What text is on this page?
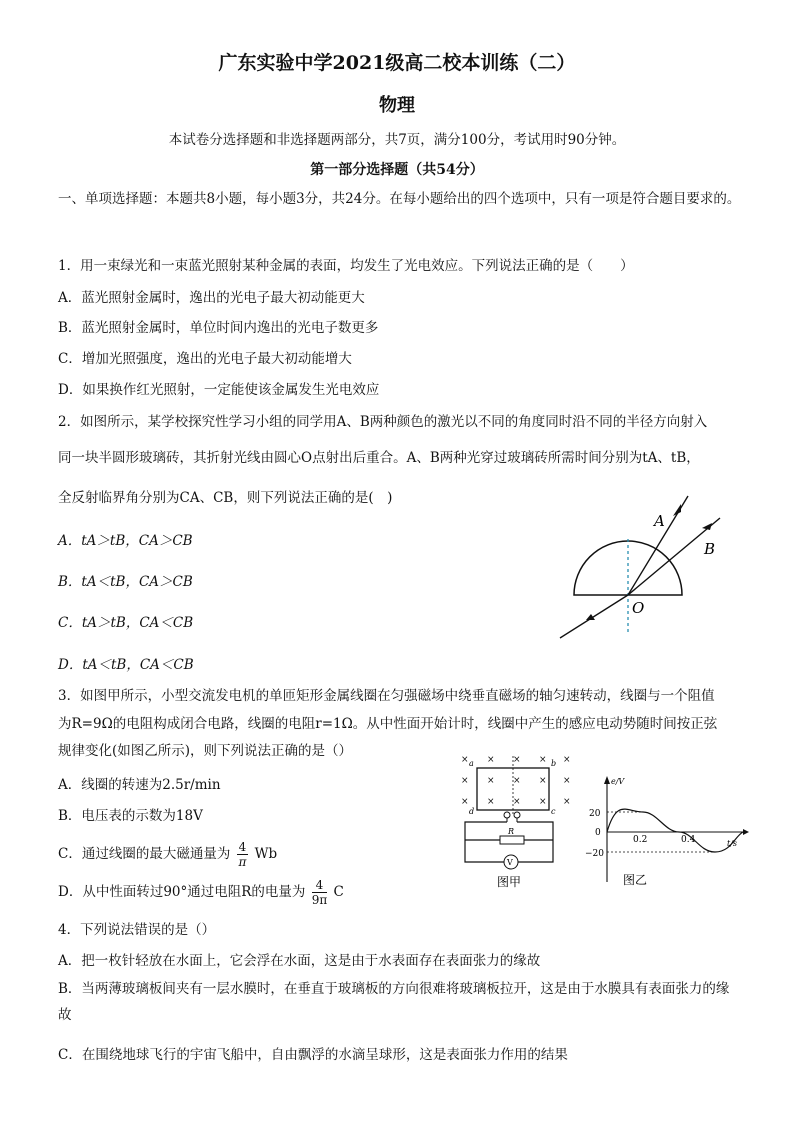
广东实验中学2021级高二校本训练（二）
物理
本试卷分选择题和非选择题两部分，共7页，满分100分，考试用时90分钟。
第一部分选择题（共54分）
一、单项选择题：本题共8小题，每小题3分，共24分。在每小题给出的四个选项中，只有一项是符合题目要求的。
1．用一束绿光和一束蓝光照射某种金属的表面，均发生了光电效应。下列说法正确的是（　　）
A．蓝光照射金属时，逸出的光电子最大初动能更大
B．蓝光照射金属时，单位时间内逸出的光电子数更多
C．增加光照强度，逸出的光电子最大初动能增大
D．如果换作红光照射，一定能使该金属发生光电效应
2．如图所示，某学校探究性学习小组的同学用A、B两种颜色的激光以不同的角度同时沿不同的半径方向射入
同一块半圆形玻璃砖，其折射光线由圆心O点射出后重合。A、B两种光穿过玻璃砖所需时间分别为tA、tB，
全反射临界角分别为CA、CB，则下列说法正确的是(　)
A．tA＞tB，CA＞CB
B．tA＜tB，CA＞CB
C．tA＞tB，CA＜CB
D．tA＜tB，CA＜CB
A
B
O
3．如图甲所示，小型交流发电机的单匝矩形金属线圈在匀强磁场中绕垂直磁场的轴匀速转动，线圈与一个阻值
为R=9Ω的电阻构成闭合电路，线圈的电阻r=1Ω。从中性面开始计时，线圈中产生的感应电动势随时间按正弦
规律变化(如图乙所示)，则下列说法正确的是（）
A．线圈的转速为2.5r/min
B．电压表的示数为18V
C．通过线圈的最大磁通量为 $\frac{4}{\pi}$ Wb
D．从中性面转过90°通过电阻R的电量为 $\frac{4}{9\pi}$ C
× × × × ×
× × × × ×
× × × × ×
a	b
c
d
R
V
图甲
e/V
t/s
20
0
−20
0.2	0.4
图乙
4．下列说法错误的是（）
A．把一枚针轻放在水面上，它会浮在水面，这是由于水表面存在表面张力的缘故
B．当两薄玻璃板间夹有一层水膜时，在垂直于玻璃板的方向很难将玻璃板拉开，这是由于水膜具有表面张力的缘故
C．在围绕地球飞行的宇宙飞船中，自由飘浮的水滴呈球形，这是表面张力作用的结果
